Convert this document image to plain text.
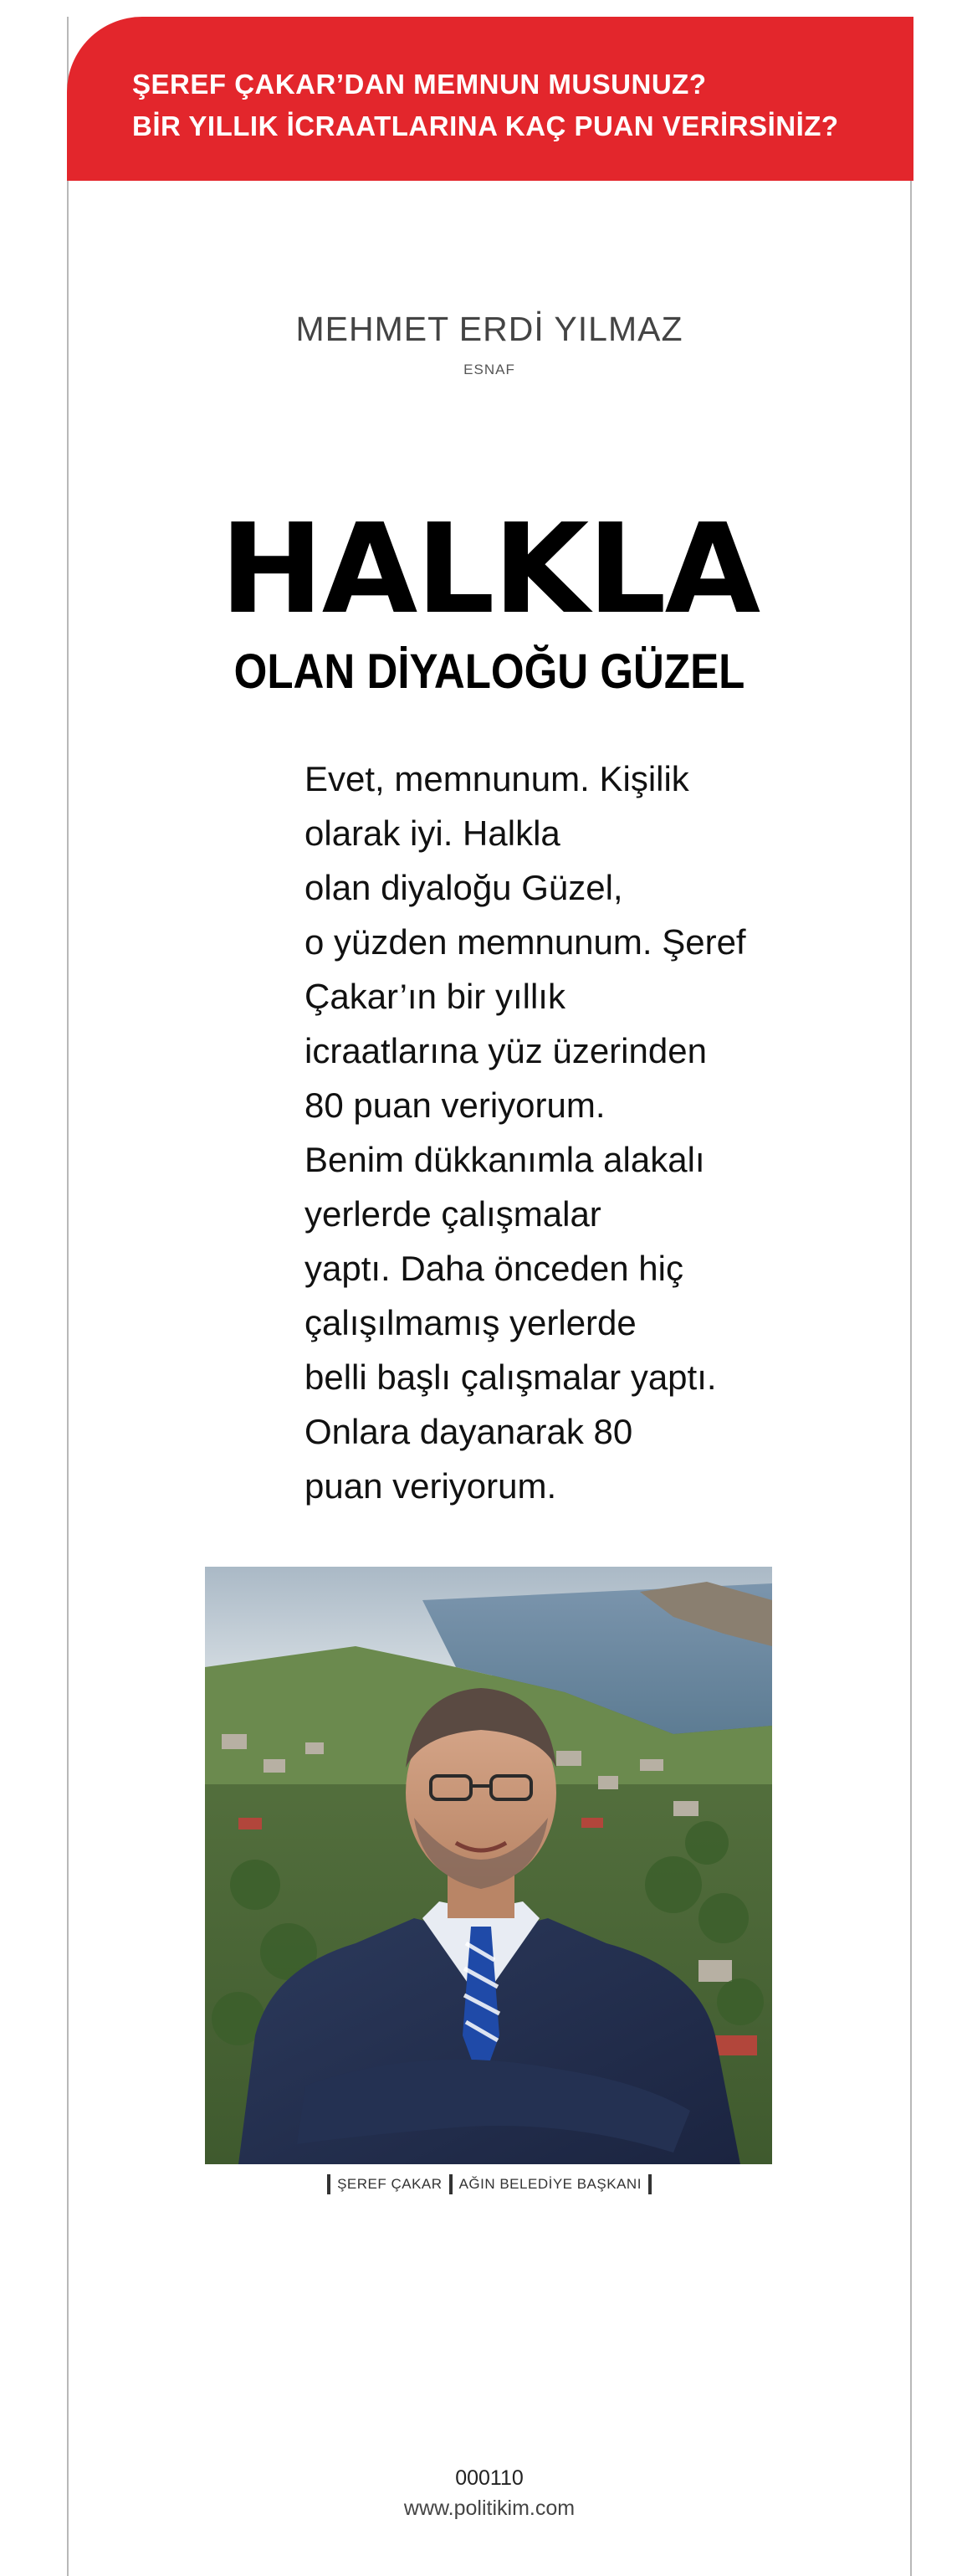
ŞEREF ÇAKAR’DAN MEMNUN MUSUNUZ?
BİR YILLIK İCRAATLARINA KAÇ PUAN VERİRSİNİZ?
MEHMET ERDİ YILMAZ
ESNAF
HALKLA
OLAN DİYALOĞU GÜZEL
Evet, memnunum. Kişilik
olarak iyi. Halkla
olan diyaloğu Güzel,
o yüzden memnunum. Şeref
Çakar’ın bir yıllık
icraatlarına yüz üzerinden
80 puan veriyorum.
Benim dükkanımla alakalı
yerlerde çalışmalar
yaptı. Daha önceden hiç
çalışılmamış yerlerde
belli başlı çalışmalar yaptı.
Onlara dayanarak 80
puan veriyorum.
ŞEREF ÇAKAR AĞIN BELEDİYE BAŞKANI
000110
www.politikim.com
